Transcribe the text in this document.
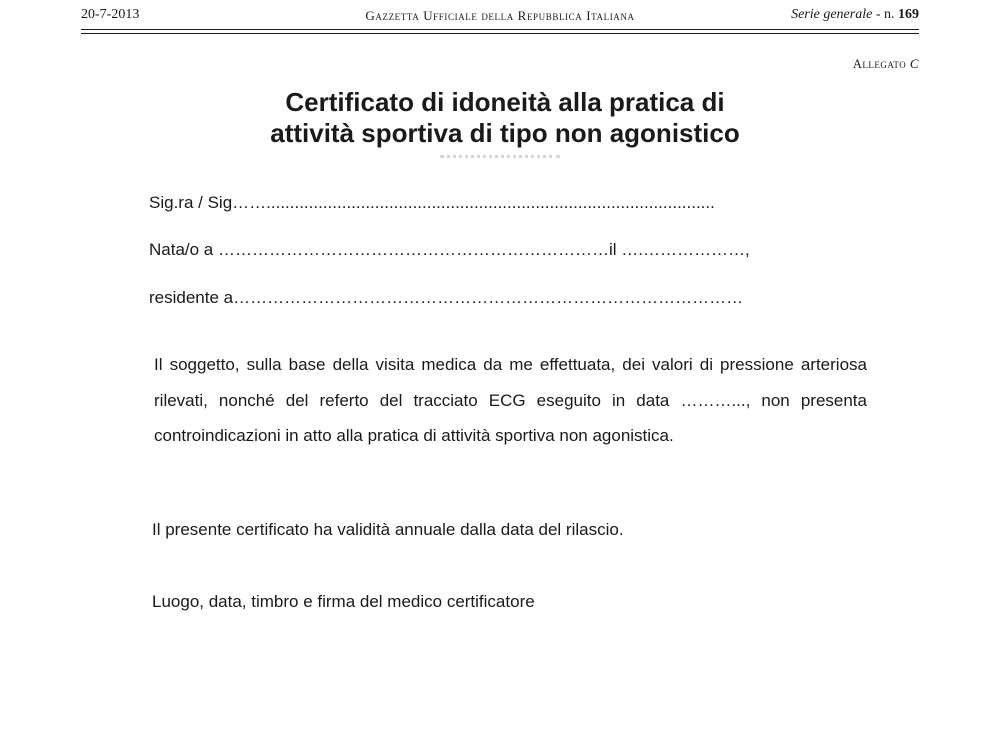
20-7-2013	Gazzetta Ufficiale della Repubblica Italiana	Serie generale - n. 169
Allegato C
Certificato di idoneità alla pratica di
attività sportiva di tipo non agonistico
Sig.ra / Sig……...............................................................................................
Nata/o a ……………………………………………………………il ….………………,
residente a………………………………………………………………………………
Il soggetto, sulla base della visita medica da me effettuata, dei valori di pressione arteriosa rilevati, nonché del referto del tracciato ECG eseguito in data ………..., non presenta controindicazioni in atto alla pratica di attività sportiva non agonistica.
Il presente certificato ha validità annuale dalla data del rilascio.
Luogo, data, timbro e firma del medico certificatore
